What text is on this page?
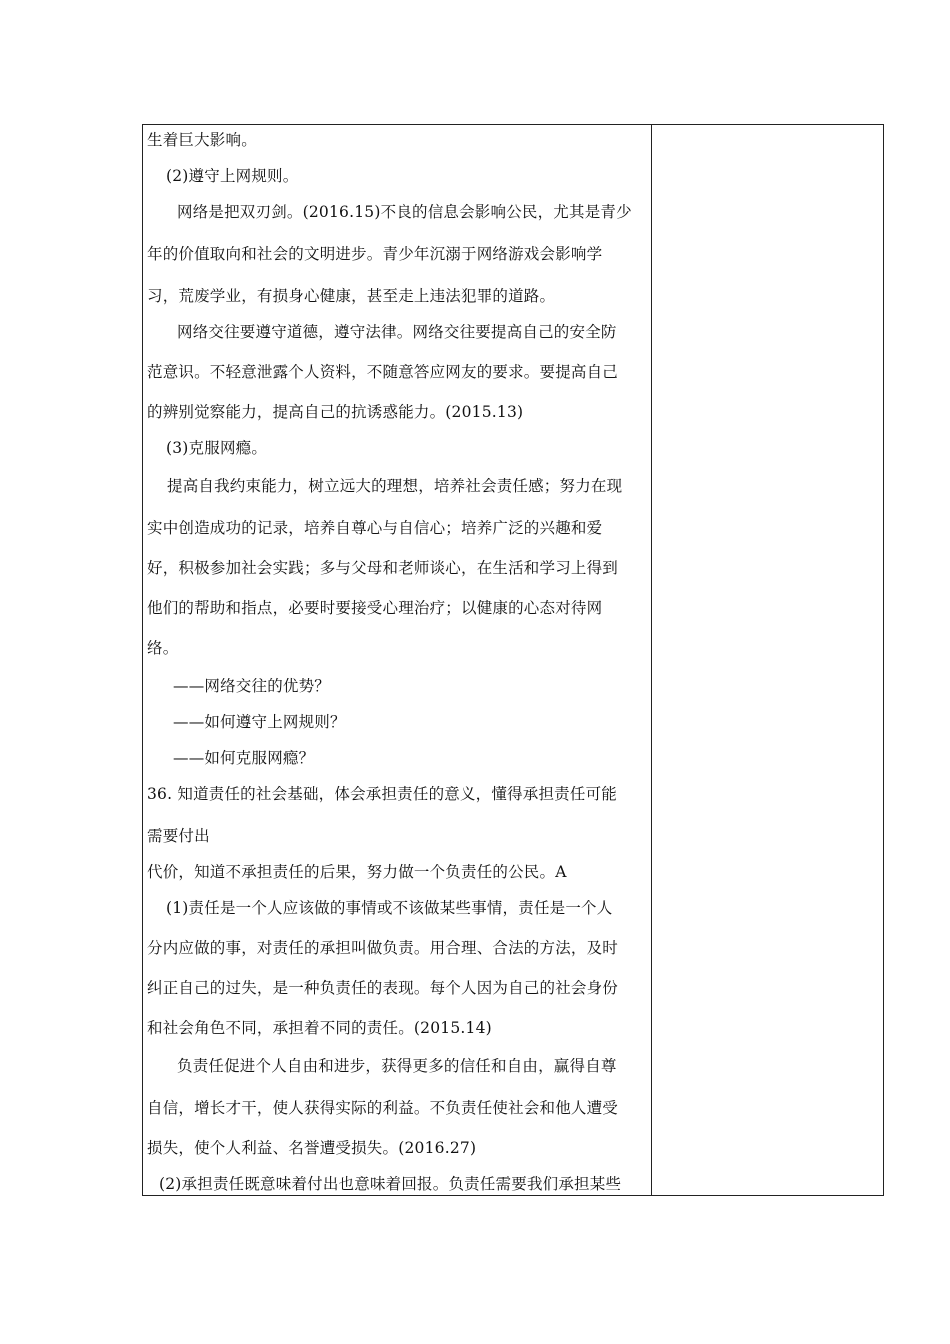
生着巨大影响。
(2)遵守上网规则。
网络是把双刃剑。(2016.15)不良的信息会影响公民，尤其是青少
年的价值取向和社会的文明进步。青少年沉溺于网络游戏会影响学
习，荒废学业，有损身心健康，甚至走上违法犯罪的道路。
网络交往要遵守道德，遵守法律。网络交往要提高自己的安全防
范意识。不轻意泄露个人资料，不随意答应网友的要求。要提高自己
的辨别觉察能力，提高自己的抗诱惑能力。(2015.13)
(3)克服网瘾。
提高自我约束能力，树立远大的理想，培养社会责任感；努力在现
实中创造成功的记录，培养自尊心与自信心；培养广泛的兴趣和爱
好，积极参加社会实践；多与父母和老师谈心，在生活和学习上得到
他们的帮助和指点，必要时要接受心理治疗；以健康的心态对待网
络。
——网络交往的优势？
——如何遵守上网规则？
——如何克服网瘾？
36. 知道责任的社会基础，体会承担责任的意义，懂得承担责任可能
需要付出
代价，知道不承担责任的后果，努力做一个负责任的公民。A
(1)责任是一个人应该做的事情或不该做某些事情，责任是一个人
分内应做的事，对责任的承担叫做负责。用合理、合法的方法，及时
纠正自己的过失，是一种负责任的表现。每个人因为自己的社会身份
和社会角色不同，承担着不同的责任。(2015.14)
负责任促进个人自由和进步，获得更多的信任和自由，赢得自尊
自信，增长才干，使人获得实际的利益。不负责任使社会和他人遭受
损失，使个人利益、名誉遭受损失。(2016.27)
(2)承担责任既意味着付出也意味着回报。负责任需要我们承担某些
